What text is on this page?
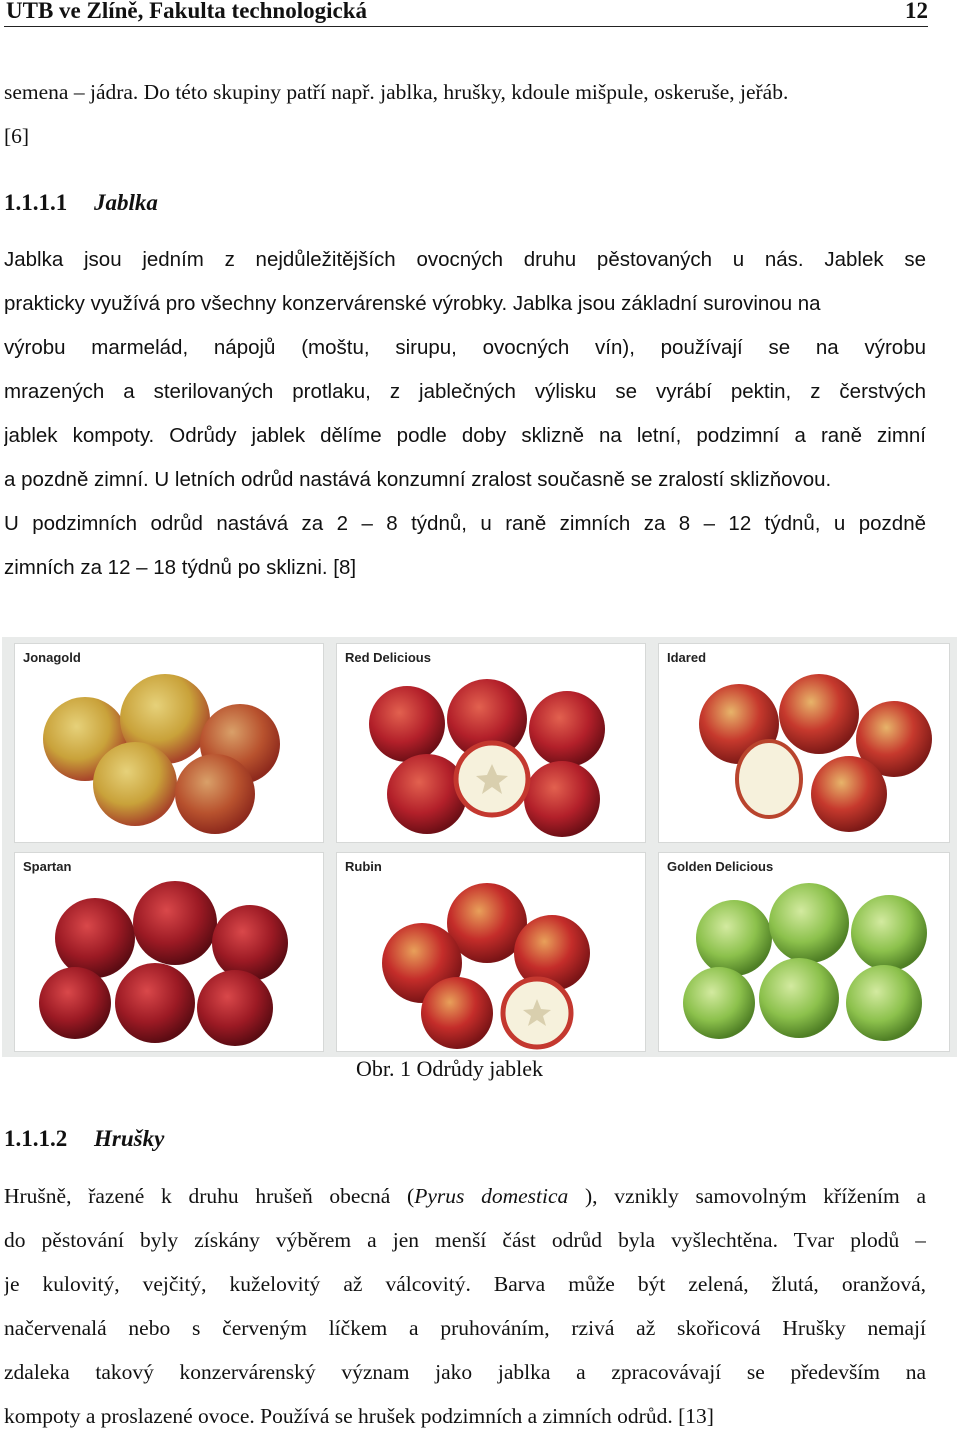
UTB ve Zlíně, Fakulta technologická	12
semena – jádra. Do této skupiny patří např. jablka, hrušky, kdoule mišpule, oskeruše, jeřáb.
[6]
1.1.1.1 Jablka
Jablka jsou jedním z nejdůležitějších ovocných druhu pěstovaných u nás. Jablek se
prakticky využívá pro všechny konzervárenské výrobky. Jablka jsou základní surovinou na
výrobu marmelád, nápojů (moštu, sirupu, ovocných vín), používají se na výrobu
mrazených a sterilovaných protlaku, z jablečných výlisku se vyrábí pektin, z čerstvých
jablek kompoty. Odrůdy jablek dělíme podle doby sklizně na letní, podzimní a raně zimní
a pozdně zimní. U letních odrůd nastává konzumní zralost současně se zralostí sklizňovou.
U podzimních odrůd nastává za 2 – 8 týdnů, u raně zimních za 8 – 12 týdnů, u pozdně
zimních za 12 – 18 týdnů po sklizni. [8]
Jonagold	Red Delicious	Idared
Spartan	Rubin	Golden Delicious
Obr. 1 Odrůdy jablek
1.1.1.2 Hrušky
Hrušně, řazené k druhu hrušeň obecná (Pyrus domestica ), vznikly samovolným křížením a
do pěstování byly získány výběrem a jen menší část odrůd byla vyšlechtěna. Tvar plodů –
je kulovitý, vejčitý, kuželovitý až válcovitý. Barva může být zelená, žlutá, oranžová,
načervenalá nebo s červeným líčkem a pruhováním, rzivá až skořicová Hrušky nemají
zdaleka takový konzervárenský význam jako jablka a zpracovávají se především na
kompoty a proslazené ovoce. Používá se hrušek podzimních a zimních odrůd. [13]
